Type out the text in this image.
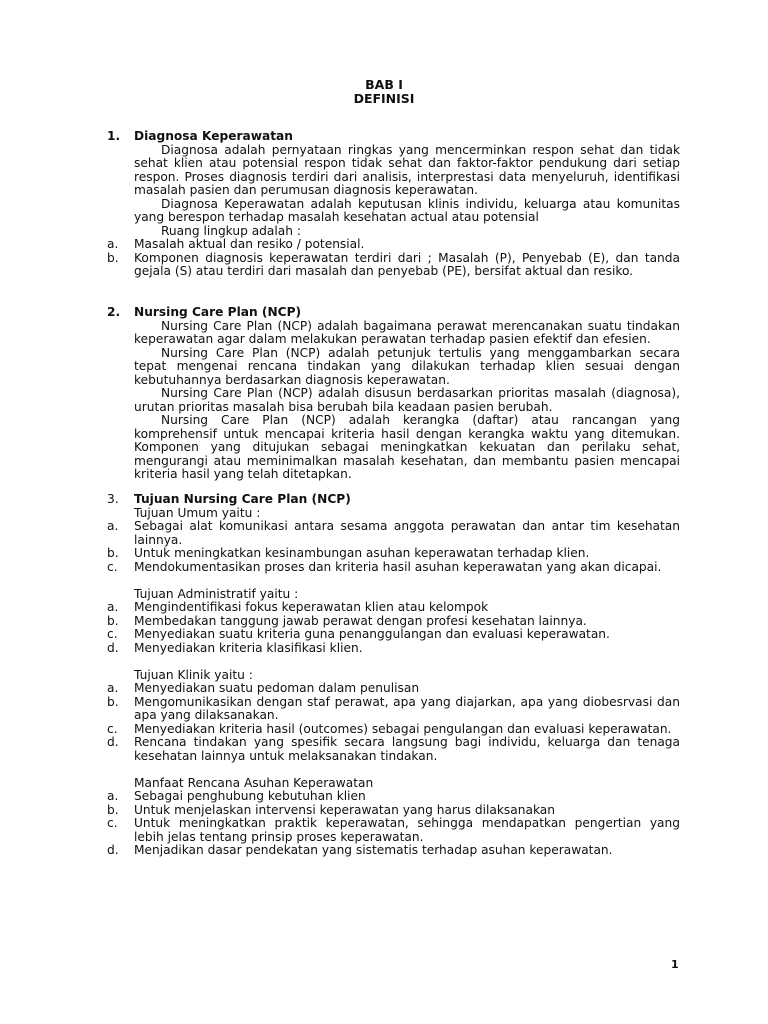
BAB I
DEFINISI
1. Diagnosa Keperawatan
Diagnosa adalah pernyataan ringkas yang mencerminkan respon sehat dan tidak sehat klien atau potensial respon tidak sehat dan faktor-faktor pendukung dari setiap respon. Proses diagnosis terdiri dari analisis, interprestasi data menyeluruh, identifikasi masalah pasien dan perumusan diagnosis keperawatan.
Diagnosa Keperawatan adalah keputusan klinis individu, keluarga atau komunitas yang berespon terhadap masalah kesehatan actual atau potensial
Ruang lingkup adalah :
a.	Masalah aktual dan resiko / potensial.
b.	Komponen diagnosis keperawatan terdiri dari ; Masalah (P), Penyebab (E), dan tanda gejala (S) atau terdiri dari masalah dan penyebab (PE), bersifat aktual dan resiko.
2. Nursing Care Plan (NCP)
Nursing Care Plan (NCP) adalah bagaimana perawat merencanakan suatu tindakan keperawatan agar dalam melakukan perawatan terhadap pasien efektif dan efesien.
Nursing Care Plan (NCP) adalah petunjuk tertulis yang menggambarkan secara tepat mengenai rencana tindakan yang dilakukan terhadap klien sesuai dengan kebutuhannya berdasarkan diagnosis keperawatan.
Nursing Care Plan (NCP) adalah disusun berdasarkan prioritas masalah (diagnosa), urutan prioritas masalah bisa berubah bila keadaan pasien berubah.
Nursing Care Plan (NCP) adalah kerangka (daftar) atau rancangan yang komprehensif untuk mencapai kriteria hasil dengan kerangka waktu yang ditemukan. Komponen yang ditujukan sebagai meningkatkan kekuatan dan perilaku sehat, mengurangi atau meminimalkan masalah kesehatan, dan membantu pasien mencapai kriteria hasil yang telah ditetapkan.
3. Tujuan Nursing Care Plan (NCP)
Tujuan Umum yaitu :
a.	Sebagai alat komunikasi antara sesama anggota perawatan dan antar tim kesehatan lainnya.
b.	Untuk meningkatkan kesinambungan asuhan keperawatan terhadap klien.
c.	Mendokumentasikan proses dan kriteria hasil asuhan keperawatan yang akan dicapai.
Tujuan Administratif yaitu :
a.	Mengindentifikasi fokus keperawatan klien atau kelompok
b.	Membedakan tanggung jawab perawat dengan profesi kesehatan lainnya.
c.	Menyediakan suatu kriteria guna penanggulangan dan evaluasi keperawatan.
d.	Menyediakan kriteria klasifikasi klien.
Tujuan Klinik yaitu :
a.	Menyediakan suatu pedoman dalam penulisan
b.	Mengomunikasikan dengan staf perawat, apa yang diajarkan, apa yang diobesrvasi dan apa yang dilaksanakan.
c.	Menyediakan kriteria hasil (outcomes) sebagai pengulangan dan evaluasi keperawatan.
d.	Rencana tindakan yang spesifik secara langsung bagi individu, keluarga dan tenaga kesehatan lainnya untuk melaksanakan tindakan.
Manfaat Rencana Asuhan Keperawatan
a.	Sebagai penghubung kebutuhan klien
b.	Untuk menjelaskan intervensi keperawatan yang harus dilaksanakan
c.	Untuk meningkatkan praktik keperawatan, sehingga mendapatkan pengertian yang lebih jelas tentang prinsip proses keperawatan.
d.	Menjadikan dasar pendekatan yang sistematis terhadap asuhan keperawatan.
1
